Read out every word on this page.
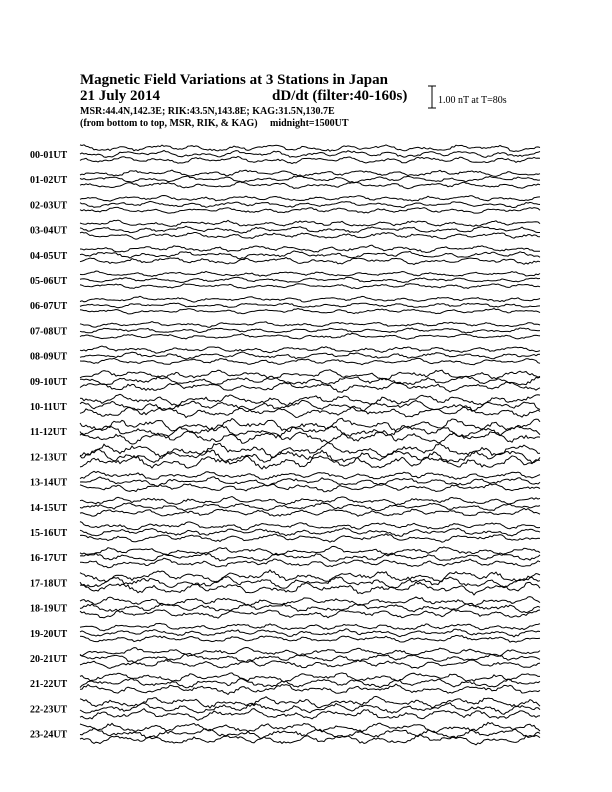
Magnetic Field Variations at 3 Stations in Japan
21 July 2014	dD/dt (filter:40-160s)
MSR:44.4N,142.3E; RIK:43.5N,143.8E; KAG:31.5N,130.7E
(from bottom to top, MSR, RIK, & KAG) midnight=1500UT
1.00 nT at T=80s
00-01UT
01-02UT
02-03UT
03-04UT
04-05UT
05-06UT
06-07UT
07-08UT
08-09UT
09-10UT
10-11UT
11-12UT
12-13UT
13-14UT
14-15UT
15-16UT
16-17UT
17-18UT
18-19UT
19-20UT
20-21UT
21-22UT
22-23UT
23-24UT
